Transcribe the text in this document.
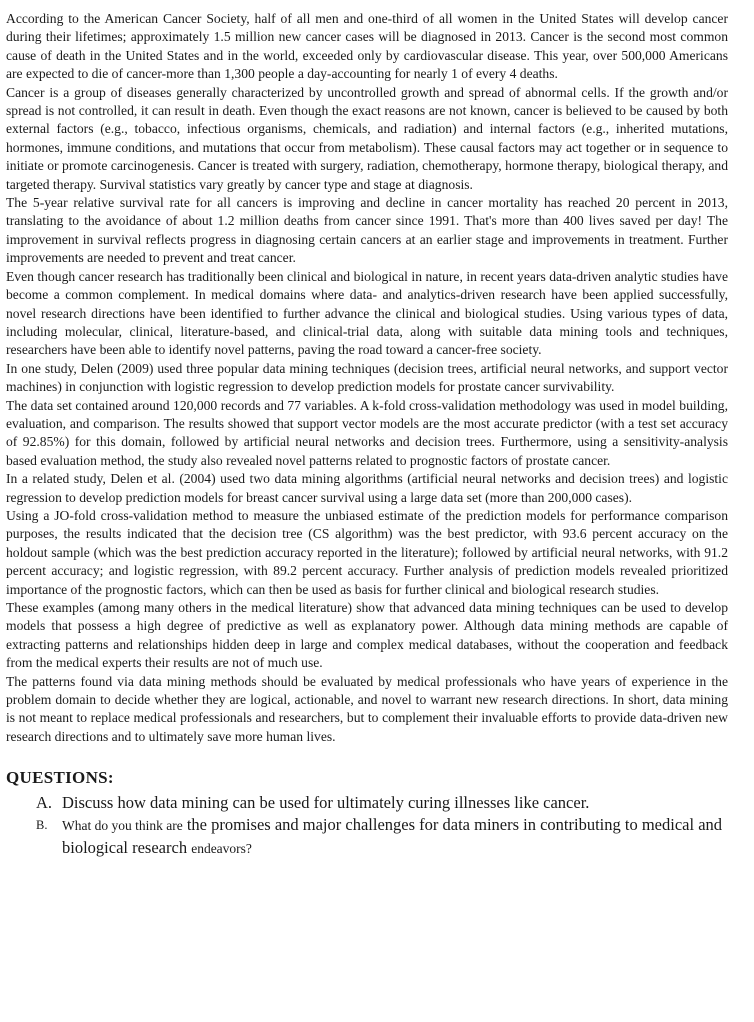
According to the American Cancer Society, half of all men and one-third of all women in the United States will develop cancer during their lifetimes; approximately 1.5 million new cancer cases will be diagnosed in 2013. Cancer is the second most common cause of death in the United States and in the world, exceeded only by cardiovascular disease. This year, over 500,000 Americans are expected to die of cancer-more than 1,300 people a day-accounting for nearly 1 of every 4 deaths.

Cancer is a group of diseases generally characterized by uncontrolled growth and spread of abnormal cells. If the growth and/or spread is not controlled, it can result in death. Even though the exact reasons are not known, cancer is believed to be caused by both external factors (e.g., tobacco, infectious organisms, chemicals, and radiation) and internal factors (e.g., inherited mutations, hormones, immune conditions, and mutations that occur from metabolism). These causal factors may act together or in sequence to initiate or promote carcinogenesis. Cancer is treated with surgery, radiation, chemotherapy, hormone therapy, biological therapy, and targeted therapy. Survival statistics vary greatly by cancer type and stage at diagnosis.

The 5-year relative survival rate for all cancers is improving and decline in cancer mortality has reached 20 percent in 2013, translating to the avoidance of about 1.2 million deaths from cancer since 1991. That's more than 400 lives saved per day! The improvement in survival reflects progress in diagnosing certain cancers at an earlier stage and improvements in treatment. Further improvements are needed to prevent and treat cancer.

Even though cancer research has traditionally been clinical and biological in nature, in recent years data-driven analytic studies have become a common complement. In medical domains where data- and analytics-driven research have been applied successfully, novel research directions have been identified to further advance the clinical and biological studies. Using various types of data, including molecular, clinical, literature-based, and clinical-trial data, along with suitable data mining tools and techniques, researchers have been able to identify novel patterns, paving the road toward a cancer-free society.

In one study, Delen (2009) used three popular data mining techniques (decision trees, artificial neural networks, and support vector machines) in conjunction with logistic regression to develop prediction models for prostate cancer survivability.

The data set contained around 120,000 records and 77 variables. A k-fold cross-validation methodology was used in model building, evaluation, and comparison. The results showed that support vector models are the most accurate predictor (with a test set accuracy of 92.85%) for this domain, followed by artificial neural networks and decision trees. Furthermore, using a sensitivity-analysis based evaluation method, the study also revealed novel patterns related to prognostic factors of prostate cancer.

In a related study, Delen et al. (2004) used two data mining algorithms (artificial neural networks and decision trees) and logistic regression to develop prediction models for breast cancer survival using a large data set (more than 200,000 cases).

Using a JO-fold cross-validation method to measure the unbiased estimate of the prediction models for performance comparison purposes, the results indicated that the decision tree (CS algorithm) was the best predictor, with 93.6 percent accuracy on the holdout sample (which was the best prediction accuracy reported in the literature); followed by artificial neural networks, with 91.2 percent accuracy; and logistic regression, with 89.2 percent accuracy. Further analysis of prediction models revealed prioritized importance of the prognostic factors, which can then be used as basis for further clinical and biological research studies.

These examples (among many others in the medical literature) show that advanced data mining techniques can be used to develop models that possess a high degree of predictive as well as explanatory power. Although data mining methods are capable of extracting patterns and relationships hidden deep in large and complex medical databases, without the cooperation and feedback from the medical experts their results are not of much use.

The patterns found via data mining methods should be evaluated by medical professionals who have years of experience in the problem domain to decide whether they are logical, actionable, and novel to warrant new research directions. In short, data mining is not meant to replace medical professionals and researchers, but to complement their invaluable efforts to provide data-driven new research directions and to ultimately save more human lives.

QUESTIONS:
A. Discuss how data mining can be used for ultimately curing illnesses like cancer.
B.	What do you think are the promises and major challenges for data miners in contributing to medical and biological research endeavors?
